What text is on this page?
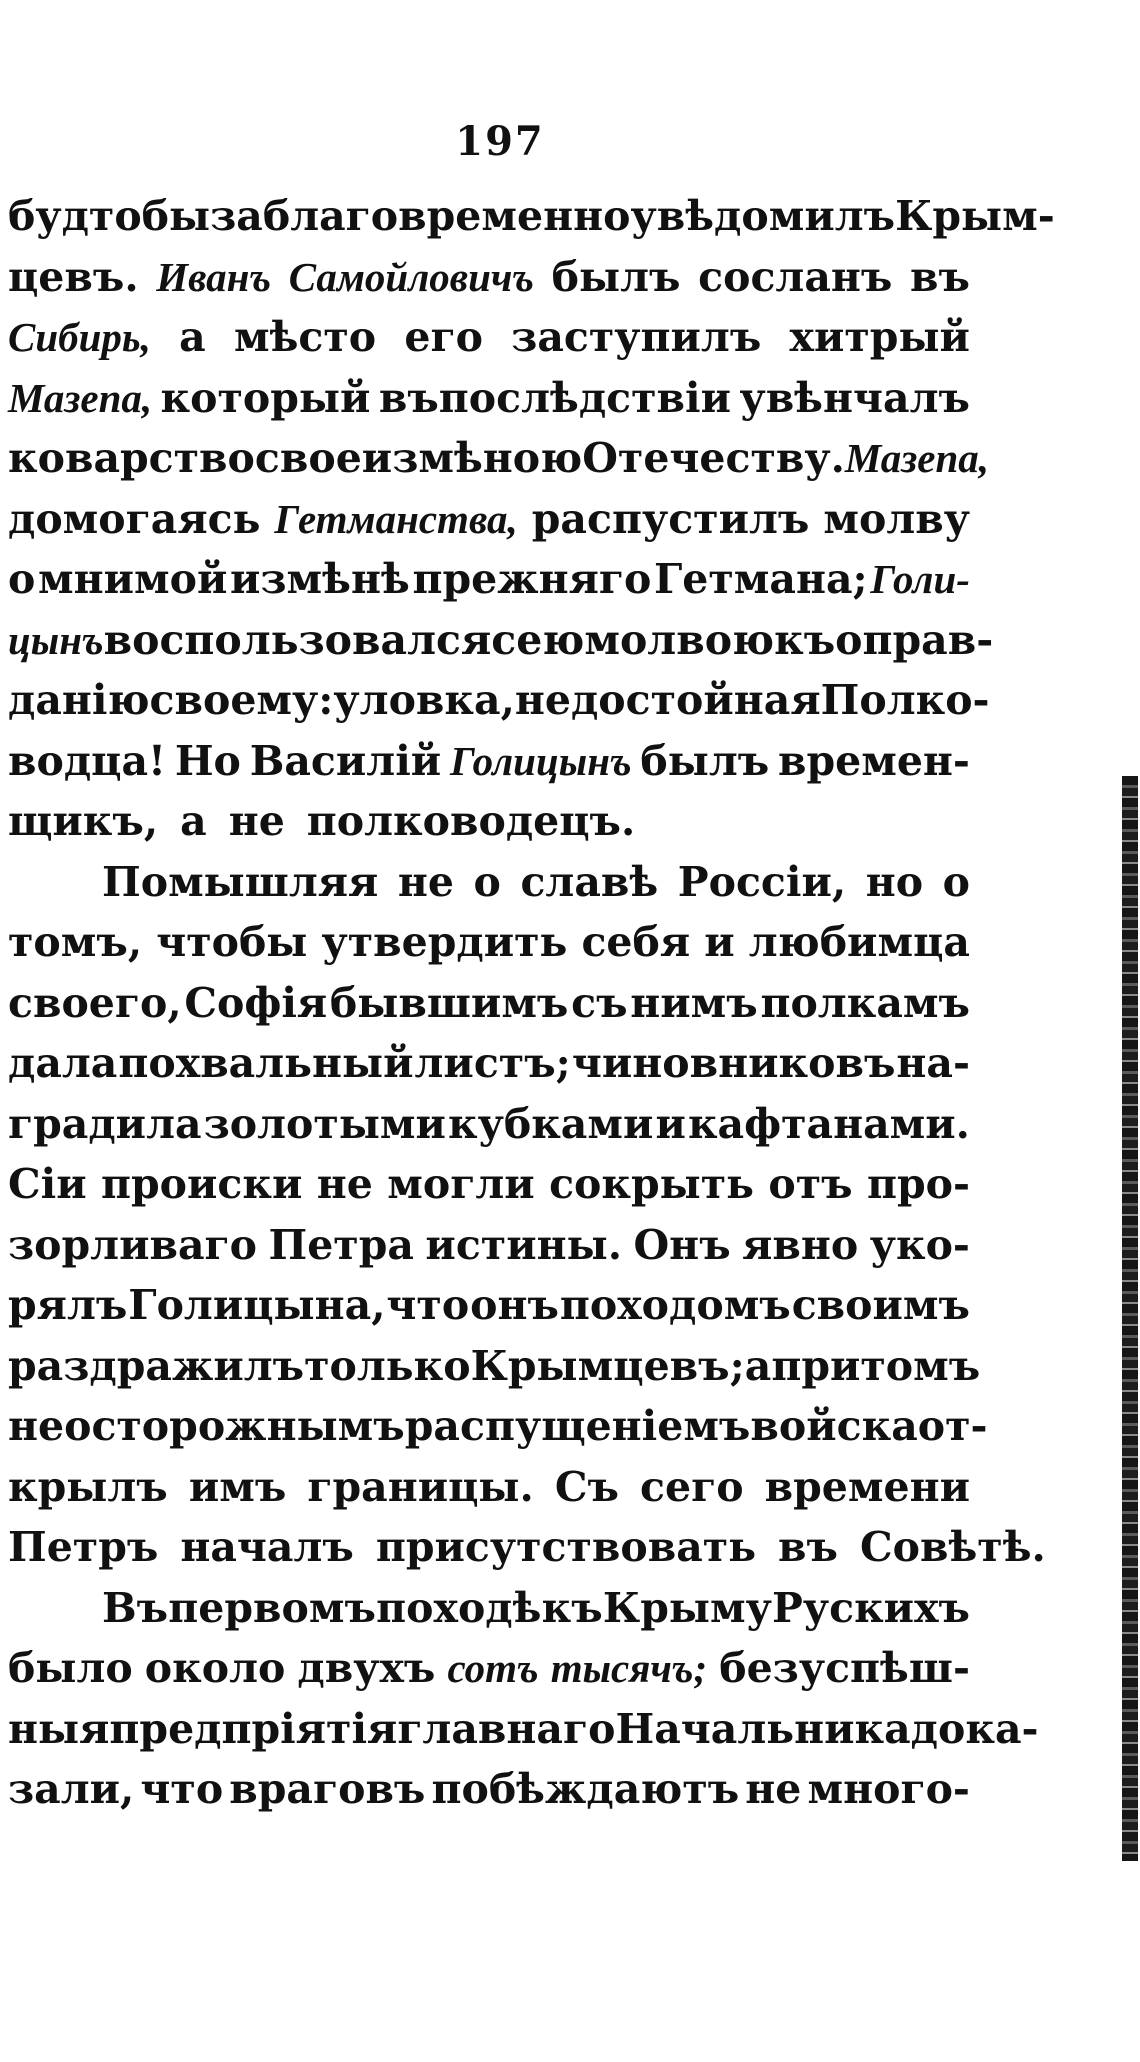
197
будто бы заблаговременно увѣдомилъ Крым-
цевъ. Иванъ Самойловичъ былъ сосланъ въ
Сибирь, а мѣсто его заступилъ хитрый
Мазепа, который въпослѣдствіи увѣнчалъ
коварство свое измѣною Отечеству. Мазепа,
домогаясь Гетманства, распустилъ молву
о мнимой измѣнѣ прежняго Гетмана; Голи-
цынъ воспользовался сею молвою къ оправ-
данію своему: уловка, недостойная Полко-
водца! Но Василій Голицынъ былъ времен-
щикъ, а не полководецъ.
Помышляя не о славѣ Россіи, но о
томъ, чтобы утвердить себя и любимца
своего, Софія бывшимъ съ нимъ полкамъ
дала похвальный листъ; чиновниковъ на-
градила золотыми кубками и кафтанами.
Сіи происки не могли сокрыть отъ про-
зорливаго Петра истины. Онъ явно уко-
рялъ Голицына, что онъ походомъ своимъ
раздражилъ только Крымцевъ; а притомъ
неосторожнымъ распущеніемъ войска от-
крылъ имъ границы. Съ сего времени
Петръ началъ присутствовать въ Совѣтѣ.
Въ первомъ походѣ къ Крыму Рускихъ
было около двухъ сотъ тысячъ; безуспѣш-
ныя предпріятія главнаго Начальника дока-
зали, что враговъ побѣждаютъ не много-
